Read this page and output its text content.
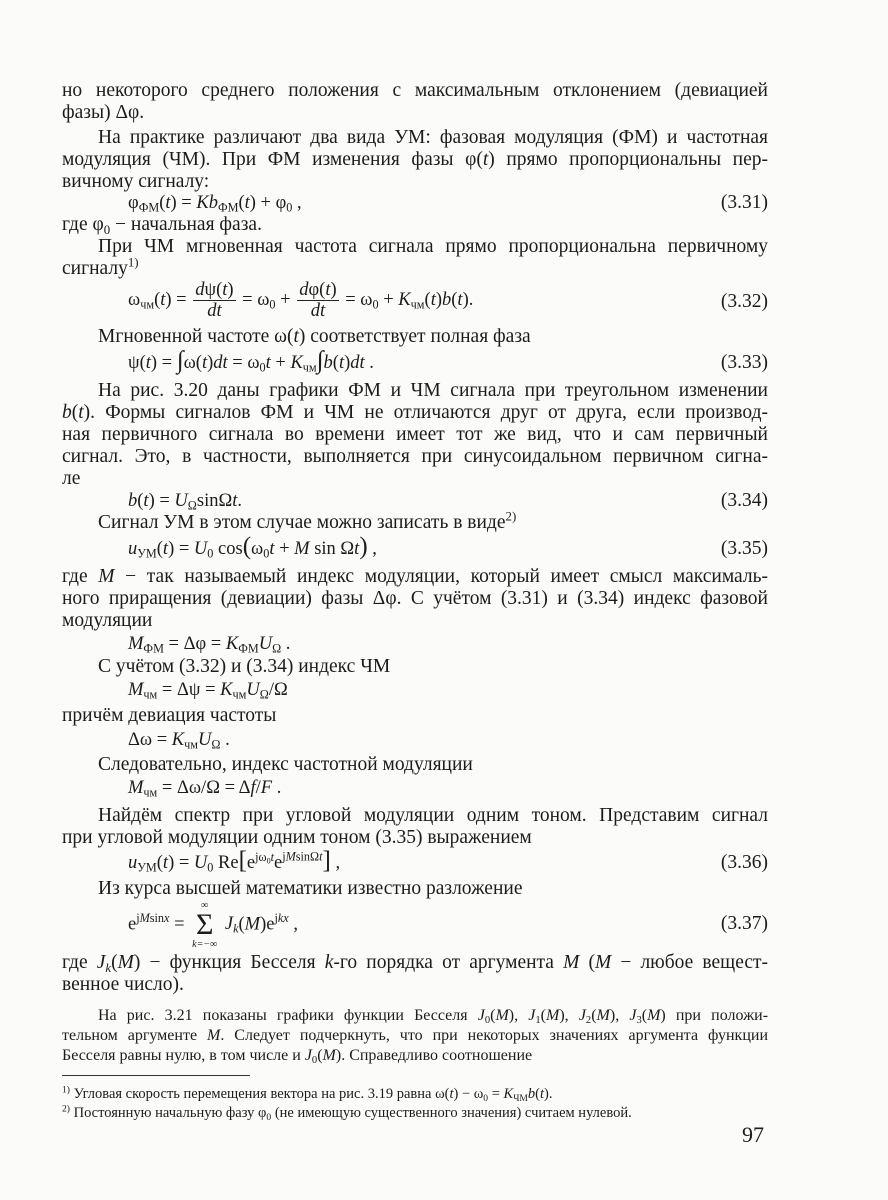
но некоторого среднего положения с максимальным отклонением (девиацией
фазы) Δφ.
На практике различают два вида УМ: фазовая модуляция (ФМ) и частотная
модуляция (ЧМ). При ФМ изменения фазы φ(t) прямо пропорциональны пер-
вичному сигналу:
$\varphi_{ФМ}(t) = Kb_{ФМ}(t) + \varphi_0$ ,	(3.31)
где $\varphi_0$ − начальная фаза.
При ЧМ мгновенная частота сигнала прямо пропорциональна первичному
сигналу$^{1)}$
$\omega_{чм}(t) = \frac{d\psi(t)}{dt} = \omega_0 + \frac{d\varphi(t)}{dt} = \omega_0 + K_{чм}(t)b(t)$.	(3.32)
Мгновенной частоте ω(t) соответствует полная фаза
$\psi(t) = \int\omega(t)dt = \omega_0t + K_{чм}\int b(t)dt$ .	(3.33)
На рис. 3.20 даны графики ФМ и ЧМ сигнала при треугольном изменении
b(t). Формы сигналов ФМ и ЧМ не отличаются друг от друга, если производ-
ная первичного сигнала во времени имеет тот же вид, что и сам первичный
сигнал. Это, в частности, выполняется при синусоидальном первичном сигна-
ле
$b(t) = U_\Omega\sin\Omega t$.	(3.34)
Сигнал УМ в этом случае можно записать в виде$^{2)}$
$u_{УМ}(t) = U_0$ $\cos(\omega_0t + M$ sin Ωt) ,	(3.35)
где M − так называемый индекс модуляции, который имеет смысл максималь-
ного приращения (девиации) фазы Δφ. С учётом (3.31) и (3.34) индекс фазовой
модуляции
$M_{ФМ} = \Delta\varphi = K_{ФМ}U_\Omega$ .
С учётом (3.32) и (3.34) индекс ЧМ
$M_{чм} = \Delta\psi = K_{чм}U_\Omega/\Omega$
причём девиация частоты
$\Delta\omega = K_{чм}U_\Omega$ .
Следовательно, индекс частотной модуляции
$M_{чм} = \Delta\omega/\Omega = \Delta f/F$ .
Найдём спектр при угловой модуляции одним тоном. Представим сигнал
при угловой модуляции одним тоном (3.35) выражением
$u_{УМ}(t) = U_0$ $Re[e^{j\omega_0t}e^{jMsin\Omega t}]$ ,	(3.36)
Из курса высшей математики известно разложение
$e^{jMsinx}$ =
∞
Σ
k=−∞
$J_k(M)e^{jkx}$ ,	(3.37)
где $J_k(M)$ − функция Бесселя k-го порядка от аргумента M (M − любое вещест-
венное число).
На рис. 3.21 показаны графики функции Бесселя $J_0(M)$, $J_1(M)$, $J_2(M)$, $J_3(M)$ при положи-
тельном аргументе M. Следует подчеркнуть, что при некоторых значениях аргумента функции
Бесселя равны нулю, в том числе и $J_0(M)$. Справедливо соотношение
$^{1)}$ Угловая скорость перемещения вектора на рис. 3.19 равна $\omega(t) - \omega_0 = K_{ЧМ}b(t)$.
$^{2)}$ Постоянную начальную фазу $\varphi_0$ (не имеющую существенного значения) считаем нулевой.
97
